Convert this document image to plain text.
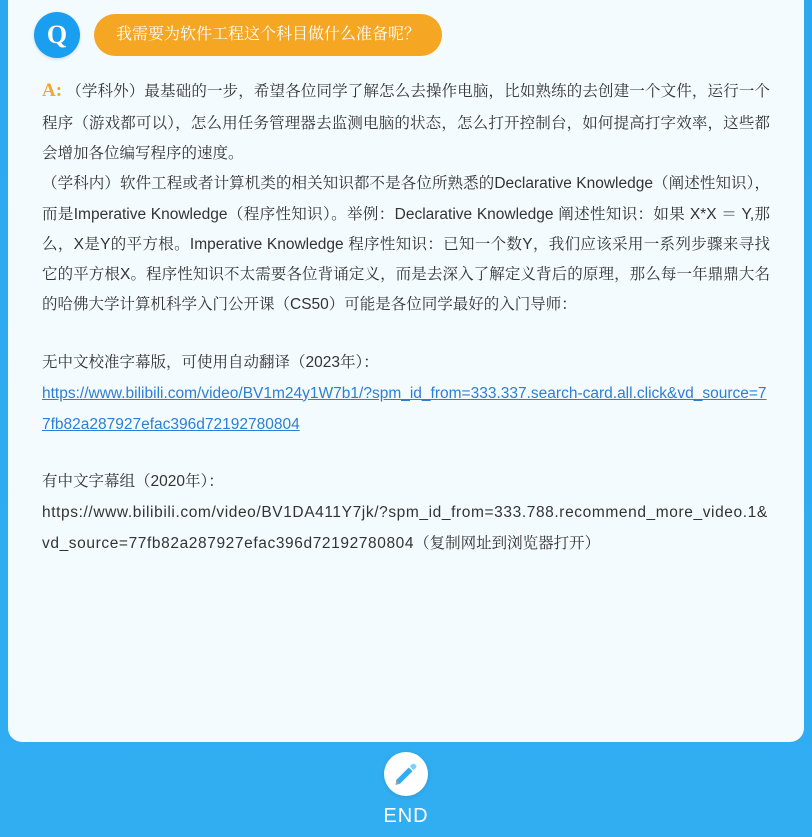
Q	我需要为软件工程这个科目做什么准备呢？

A: （学科外）最基础的一步，希望各位同学了解怎么去操作电脑，比如熟练的去创建一个文件，运行一个程序（游戏都可以），怎么用任务管理器去监测电脑的状态，怎么打开控制台，如何提高打字效率，这些都会增加各位编写程序的速度。

（学科内）软件工程或者计算机类的相关知识都不是各位所熟悉的Declarative Knowledge（阐述性知识），而是Imperative Knowledge（程序性知识）。举例：Declarative Knowledge 阐述性知识：如果 X*X ＝ Y,那么，X是Y的平方根。Imperative Knowledge 程序性知识：已知一个数Y，我们应该采用一系列步骤来寻找它的平方根X。程序性知识不太需要各位背诵定义，而是去深入了解定义背后的原理，那么每一年鼎鼎大名的哈佛大学计算机科学入门公开课（CS50）可能是各位同学最好的入门导师：

无中文校准字幕版，可使用自动翻译（2023年）：

https://www.bilibili.com/video/BV1m24y1W7b1/?spm_id_from=333.337.search-card.all.click&vd_source=77fb82a287927efac396d72192780804

有中文字幕组（2020年）：

https://www.bilibili.com/video/BV1DA411Y7jk/?spm_id_from=333.788.recommend_more_video.1&vd_source=77fb82a287927efac396d72192780804（复制网址到浏览器打开）

END
